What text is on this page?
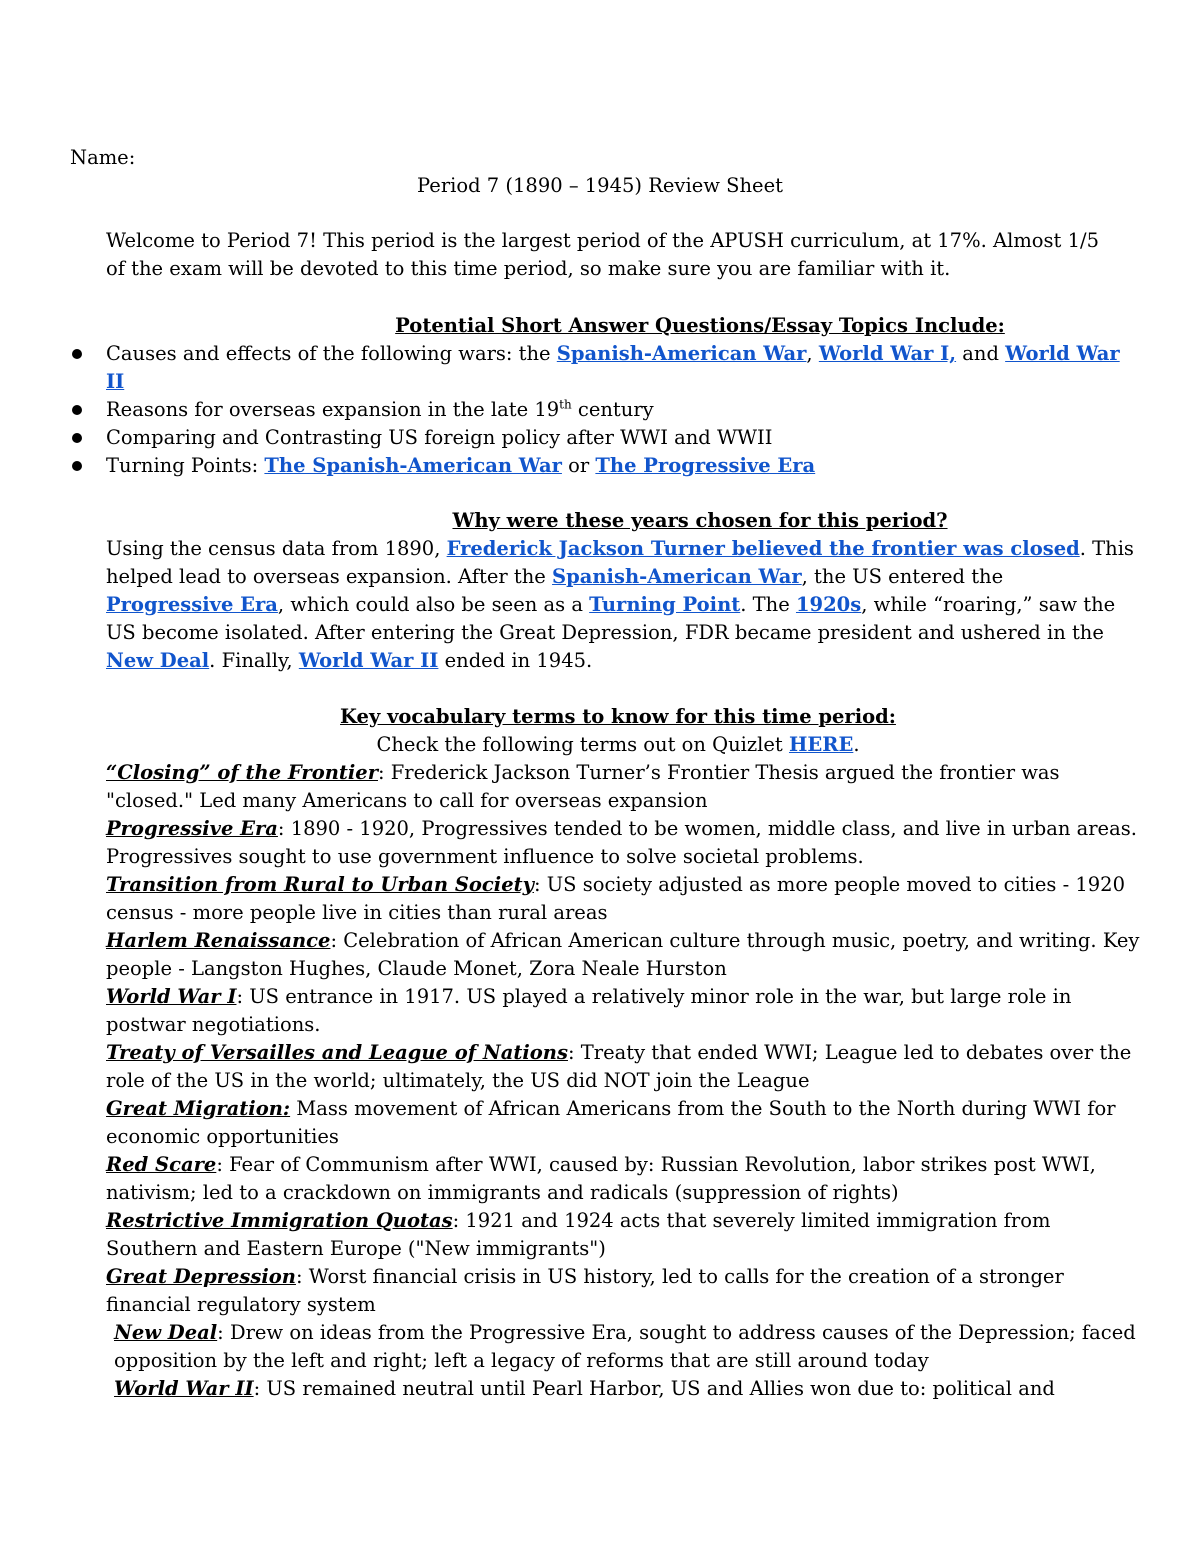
Name:
Period 7 (1890 – 1945) Review Sheet
Welcome to Period 7! This period is the largest period of the APUSH curriculum, at 17%. Almost 1/5 of the exam will be devoted to this time period, so make sure you are familiar with it.
Potential Short Answer Questions/Essay Topics Include:
Causes and effects of the following wars: the Spanish-American War, World War I, and World War II
Reasons for overseas expansion in the late 19th century
Comparing and Contrasting US foreign policy after WWI and WWII
Turning Points: The Spanish-American War or The Progressive Era
Why were these years chosen for this period?
Using the census data from 1890, Frederick Jackson Turner believed the frontier was closed. This helped lead to overseas expansion. After the Spanish-American War, the US entered the Progressive Era, which could also be seen as a Turning Point. The 1920s, while “roaring,” saw the US become isolated. After entering the Great Depression, FDR became president and ushered in the New Deal. Finally, World War II ended in 1945.
Key vocabulary terms to know for this time period:
Check the following terms out on Quizlet HERE.

“Closing” of the Frontier: Frederick Jackson Turner’s Frontier Thesis argued the frontier was "closed." Led many Americans to call for overseas expansion

Progressive Era: 1890 - 1920, Progressives tended to be women, middle class, and live in urban areas. Progressives sought to use government influence to solve societal problems.

Transition from Rural to Urban Society: US society adjusted as more people moved to cities - 1920 census - more people live in cities than rural areas

Harlem Renaissance: Celebration of African American culture through music, poetry, and writing. Key people - Langston Hughes, Claude Monet, Zora Neale Hurston

World War I: US entrance in 1917. US played a relatively minor role in the war, but large role in postwar negotiations.

Treaty of Versailles and League of Nations: Treaty that ended WWI; League led to debates over the role of the US in the world; ultimately, the US did NOT join the League

Great Migration: Mass movement of African Americans from the South to the North during WWI for economic opportunities

Red Scare: Fear of Communism after WWI, caused by: Russian Revolution, labor strikes post WWI, nativism; led to a crackdown on immigrants and radicals (suppression of rights)

Restrictive Immigration Quotas: 1921 and 1924 acts that severely limited immigration from Southern and Eastern Europe ("New immigrants")

Great Depression: Worst financial crisis in US history, led to calls for the creation of a stronger financial regulatory system

New Deal: Drew on ideas from the Progressive Era, sought to address causes of the Depression; faced opposition by the left and right; left a legacy of reforms that are still around today

World War II: US remained neutral until Pearl Harbor, US and Allies won due to: political and
